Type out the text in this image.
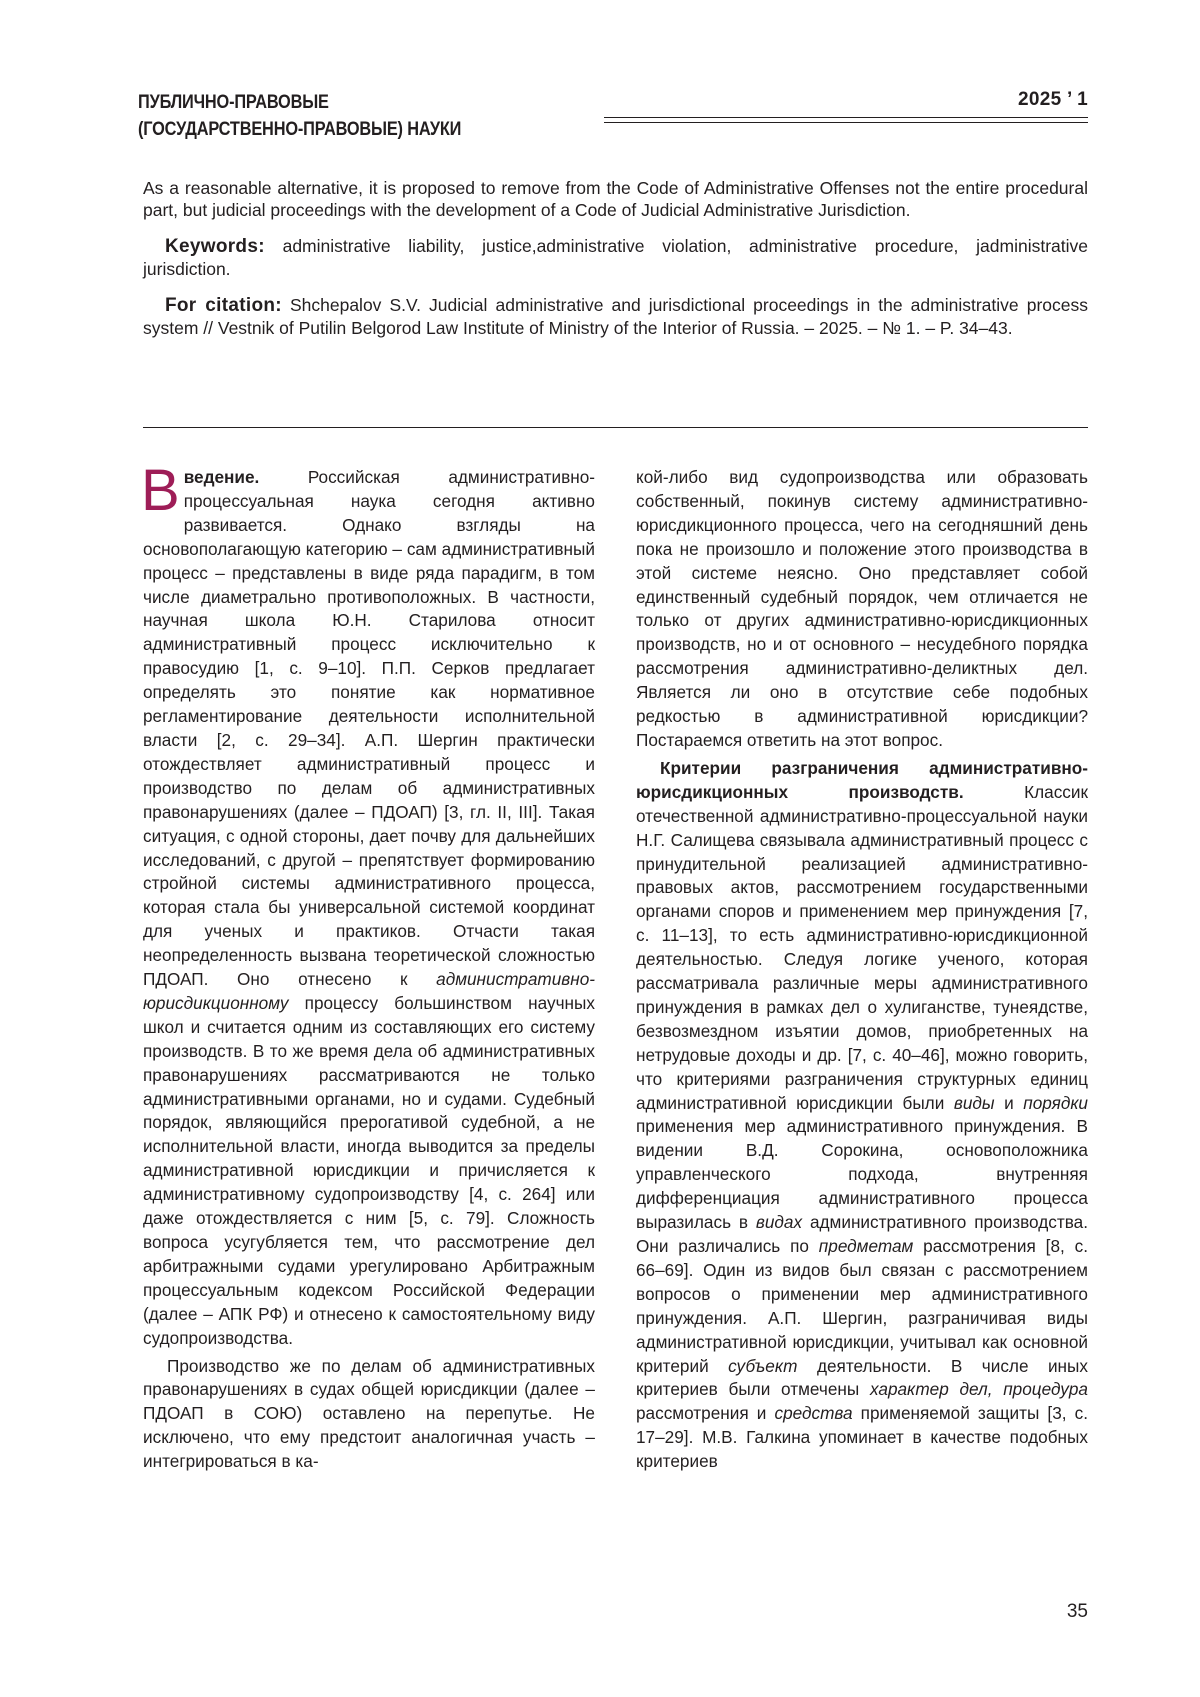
ПУБЛИЧНО-ПРАВОВЫЕ
(ГОСУДАРСТВЕННО-ПРАВОВЫЕ) НАУКИ
2025 ’ 1

As a reasonable alternative, it is proposed to remove from the Code of Administrative Offenses not the entire procedural part, but judicial proceedings with the development of a Code of Judicial Administrative Jurisdiction.

Keywords: administrative liability, justice,administrative violation, administrative procedure, jadministrative jurisdiction.

For citation: Shchepalov S.V. Judicial administrative and jurisdictional proceedings in the administrative process system // Vestnik of Putilin Belgorod Law Institute of Ministry of the Interior of Russia. – 2025. – № 1. – P. 34–43.

Введение. Российская административно-процессуальная наука сегодня активно развивается. Однако взгляды на основополагающую категорию – сам административный процесс – представлены в виде ряда парадигм, в том числе диаметрально противоположных. В частности, научная школа Ю.Н. Старилова относит административный процесс исключительно к правосудию [1, с. 9–10]. П.П. Серков предлагает определять это понятие как нормативное регламентирование деятельности исполнительной власти [2, с. 29–34]. А.П. Шергин практически отождествляет административный процесс и производство по делам об административных правонарушениях (далее – ПДОАП) [3, гл. II, III]. Такая ситуация, с одной стороны, дает почву для дальнейших исследований, с другой – препятствует формированию стройной системы административного процесса, которая стала бы универсальной системой координат для ученых и практиков. Отчасти такая неопределенность вызвана теоретической сложностью ПДОАП. Оно отнесено к административно-юрисдикционному процессу большинством научных школ и считается одним из составляющих его систему производств. В то же время дела об административных правонарушениях рассматриваются не только административными органами, но и судами. Судебный порядок, являющийся прерогативой судебной, а не исполнительной власти, иногда выводится за пределы административной юрисдикции и причисляется к административному судопроизводству [4, с. 264] или даже отождествляется с ним [5, с. 79]. Сложность вопроса усугубляется тем, что рассмотрение дел арбитражными судами урегулировано Арбитражным процессуальным кодексом Российской Федерации (далее – АПК РФ) и отнесено к самостоятельному виду судопроизводства.

Производство же по делам об административных правонарушениях в судах общей юрисдикции (далее – ПДОАП в СОЮ) оставлено на перепутье. Не исключено, что ему предстоит аналогичная участь – интегрироваться в ка-

кой-либо вид судопроизводства или образовать собственный, покинув систему административно-юрисдикционного процесса, чего на сегодняшний день пока не произошло и положение этого производства в этой системе неясно. Оно представляет собой единственный судебный порядок, чем отличается не только от других административно-юрисдикционных производств, но и от основного – несудебного порядка рассмотрения административно-деликтных дел. Является ли оно в отсутствие себе подобных редкостью в административной юрисдикции? Постараемся ответить на этот вопрос.

Критерии разграничения административно-юрисдикционных производств. Классик отечественной административно-процессуальной науки Н.Г. Салищева связывала административный процесс с принудительной реализацией административно-правовых актов, рассмотрением государственными органами споров и применением мер принуждения [7, с. 11–13], то есть административно-юрисдикционной деятельностью. Следуя логике ученого, которая рассматривала различные меры административного принуждения в рамках дел о хулиганстве, тунеядстве, безвозмездном изъятии домов, приобретенных на нетрудовые доходы и др. [7, с. 40–46], можно говорить, что критериями разграничения структурных единиц административной юрисдикции были виды и порядки применения мер административного принуждения. В видении В.Д. Сорокина, основоположника управленческого подхода, внутренняя дифференциация административного процесса выразилась в видах административного производства. Они различались по предметам рассмотрения [8, с. 66–69]. Один из видов был связан с рассмотрением вопросов о применении мер административного принуждения. А.П. Шергин, разграничивая виды административной юрисдикции, учитывал как основной критерий субъект деятельности. В числе иных критериев были отмечены характер дел, процедура рассмотрения и средства применяемой защиты [3, с. 17–29]. М.В. Галкина упоминает в качестве подобных критериев

35
